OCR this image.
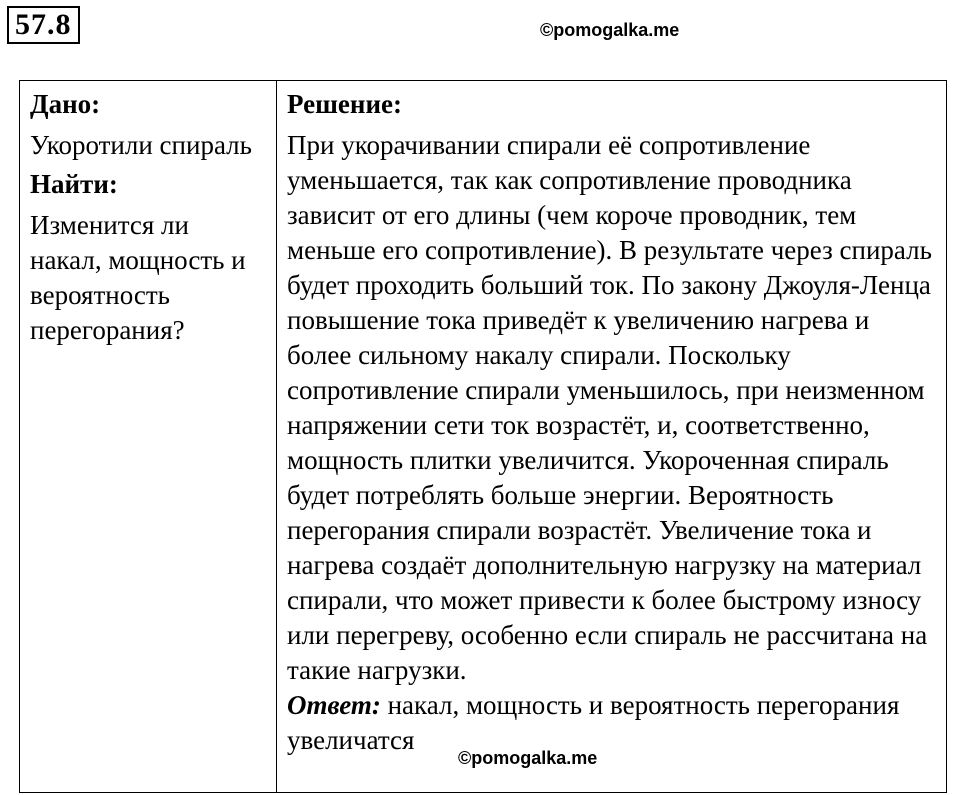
57.8	©pomogalka.me
Дано:
Укоротили спираль
Найти:
Изменится ли накал, мощность и вероятность перегорания?

Решение:
При укорачивании спирали её сопротивление уменьшается, так как сопротивление проводника зависит от его длины (чем короче проводник, тем меньше его сопротивление). В результате через спираль будет проходить больший ток. По закону Джоуля-Ленца повышение тока приведёт к увеличению нагрева и более сильному накалу спирали. Поскольку сопротивление спирали уменьшилось, при неизменном напряжении сети ток возрастёт, и, соответственно, мощность плитки увеличится. Укороченная спираль будет потреблять больше энергии. Вероятность перегорания спирали возрастёт. Увеличение тока и нагрева создаёт дополнительную нагрузку на материал спирали, что может привести к более быстрому износу или перегреву, особенно если спираль не рассчитана на такие нагрузки.
Ответ: накал, мощность и вероятность перегорания увеличатся
©pomogalka.me
